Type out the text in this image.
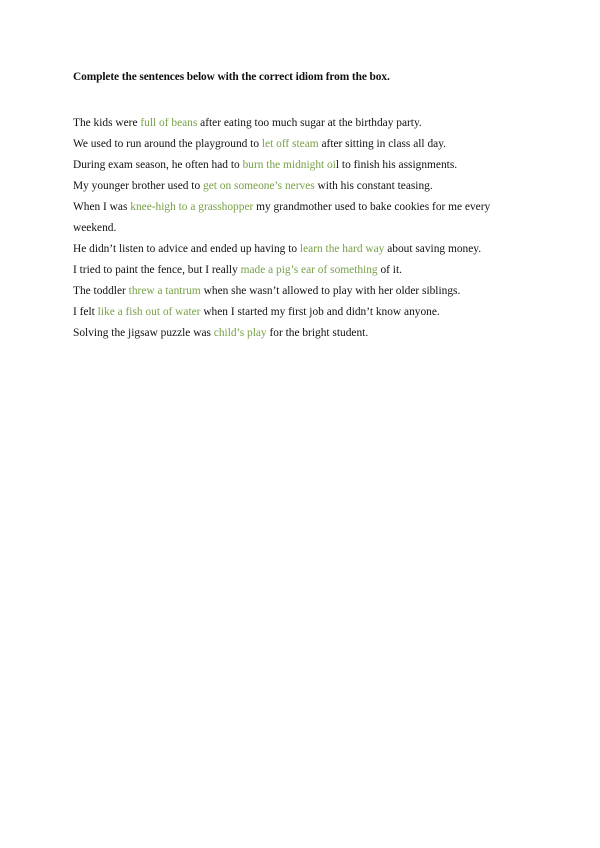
Complete the sentences below with the correct idiom from the box.

The kids were full of beans after eating too much sugar at the birthday party.
We used to run around the playground to let off steam after sitting in class all day.
During exam season, he often had to burn the midnight oil to finish his assignments.
My younger brother used to get on someone’s nerves with his constant teasing.
When I was knee-high to a grasshopper my grandmother used to bake cookies for me every weekend.
He didn’t listen to advice and ended up having to learn the hard way about saving money.
I tried to paint the fence, but I really made a pig’s ear of something of it.
The toddler threw a tantrum when she wasn’t allowed to play with her older siblings.
I felt like a fish out of water when I started my first job and didn’t know anyone.
Solving the jigsaw puzzle was child’s play for the bright student.
